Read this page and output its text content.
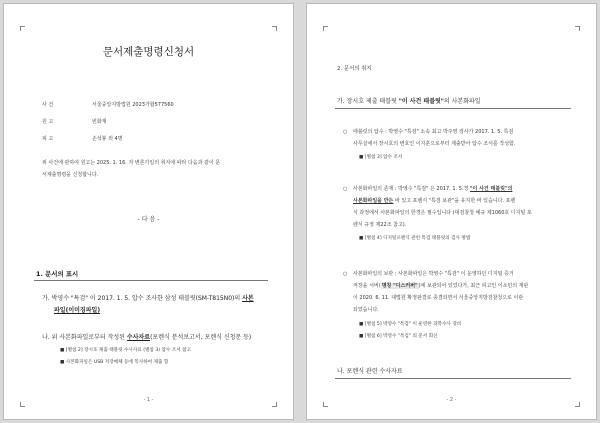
문서제출명령신청서
사 건	서울중앙지방법원 2023가합577560
원 고	빈화재
피 고	손석봉 외 4명
위 사건에 관하여 원고는 2025. 1. 16. 자 변론기일의 취지에 따라 다음과 같이 문
서제출명령을 신청합니다.
- 다 음 -
1. 문서의 표시
가. 박영수 "특검" 이 2017. 1. 5. 압수 조사한 삼성 태블릿(SM-T815N0)의 사본
파일(이미징파일)
나. 위 사본화파일로부터 작성된 수사자료(포렌식 분석보고서, 포렌식 신청문 등)
■ [별첨 2] 장시호 제출 태블릿 수사자료 (별첨 3) 압수 조서 참고
■ 사본화파일은 USB 저장매체 등에 복사하여 제출 함
- 1 -
2. 문서의 취지
가. 장시호 제출 태블릿 "이 사건 태블릿"의 사본화파일
○ 태블릿의 압수 : 박영수 "특검" 소속 최고 박주영 검사가 2017. 1. 5. 특검
사무실에서 장시호의 변호인 이지훈으로부터 제출받아 압수 조서를 작성함.
■ [별첨 3] 압수 조서
○ 사본화파일의 존재 : 박영수 "특검" 은 2017. 1. 5.경 "이 사건 태블릿"의
사본화파일을 만든 바 있고 포렌식 "특검 보관"을 유지한 바 있습니다. 포렌
식 과정에서 사본화파일의 한경은 필수입니다 (대검찰청 예규 제1060호 디지털 포
렌식 규정 제22조 참고).
■ [별첨 4] 디지털포렌식 관련 특검 태블릿의 검사 방법
○ 사본화파일의 보관 : 사본화파일은 박영수 "특검" 이 운영하던 디지털 증거
저장을 서버(명칭 "디스커버")에 보관되어 있었다가, 최근 피고인 이소민의 재판
이 2020. 6. 11. 대법원 확정판결로 종결되면서 서울중앙지방검찰청으로 이관
되었습니다.
■ [별첨 5] 박영수 "특검" 이 운영한 과학수사 장비
■ [별첨 6] 박영수 "특검" 의 문서 회신
나. 포렌식 관련 수사자료
- 2 -
